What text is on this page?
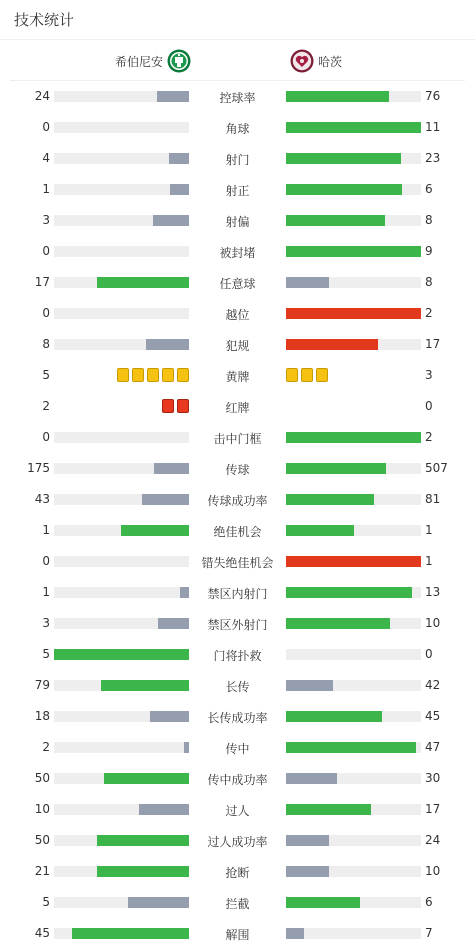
技术统计
希伯尼安	哈茨
24	控球率	76
0	角球	11
4	射门	23
1	射正	6
3	射偏	8
0	被封堵	9
17	任意球	8
0	越位	2
8	犯规	17
5	黄牌	3
2	红牌	0
0	击中门框	2
175	传球	507
43	传球成功率	81
1	绝佳机会	1
0	错失绝佳机会	1
1	禁区内射门	13
3	禁区外射门	10
5	门将扑救	0
79	长传	42
18	长传成功率	45
2	传中	47
50	传中成功率	30
10	过人	17
50	过人成功率	24
21	抢断	10
5	拦截	6
45	解围	7
